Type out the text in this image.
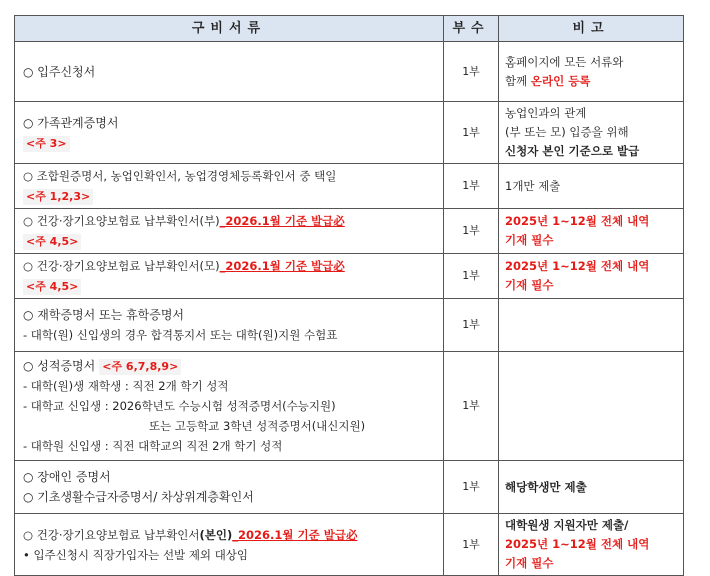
구비서류	부수	비고

○ 입주신청서	1부	홈페이지에 모든 서류와
함께 온라인 등록

○ 가족관계증명서
<주 3>	1부	농업인과의 관계
(부 또는 모) 입증을 위해
신청자 본인 기준으로 발급

○ 조합원증명서, 농업인확인서, 농업경영체등록확인서 중 택일
<주 1,2,3>	1부	1개만 제출

○ 건강·장기요양보험료 납부확인서(부)_2026.1월 기준 발급必
<주 4,5>	1부	2025년 1~12월 전체 내역
기재 필수

○ 건강·장기요양보험료 납부확인서(모)_2026.1월 기준 발급必
<주 4,5>	1부	2025년 1~12월 전체 내역
기재 필수

○ 재학증명서 또는 휴학증명서
- 대학(원) 신입생의 경우 합격통지서 또는 대학(원)지원 수험표	1부	

○ 성적증명서 <주 6,7,8,9>
- 대학(원)생 재학생 : 직전 2개 학기 성적
- 대학교 신입생 : 2026학년도 수능시험 성적증명서(수능지원)
또는 고등학교 3학년 성적증명서(내신지원)
- 대학원 신입생 : 직전 대학교의 직전 2개 학기 성적	1부	

○ 장애인 증명서
○ 기초생활수급자증명서/ 차상위계층확인서	1부	해당학생만 제출

○ 건강·장기요양보험료 납부확인서(본인)_2026.1월 기준 발급必
• 입주신청시 직장가입자는 선발 제외 대상임	1부	대학원생 지원자만 제출/
2025년 1~12월 전체 내역
기재 필수
